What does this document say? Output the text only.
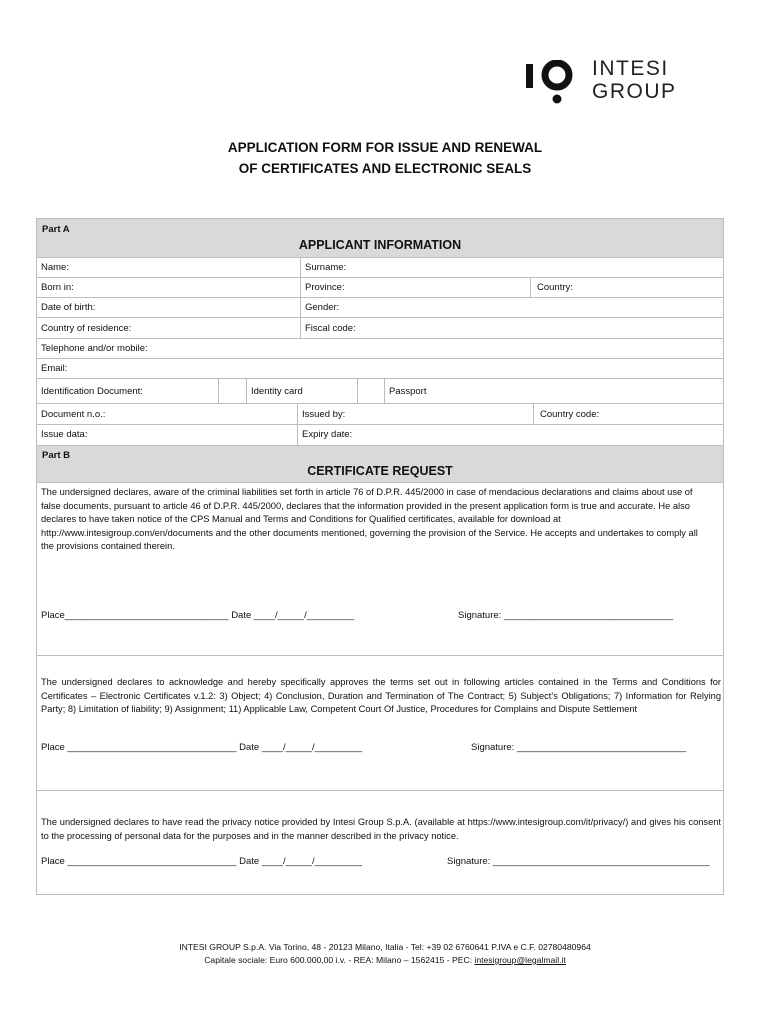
INTESI
GROUP
APPLICATION FORM FOR ISSUE AND RENEWAL
OF CERTIFICATES AND ELECTRONIC SEALS
Part A
APPLICANT INFORMATION
Name:	Surname:
Born in:	Province:	Country:
Date of birth:	Gender:
Country of residence:	Fiscal code:
Telephone and/or mobile:
Email:
Identification Document:	Identity card	Passport
Document n.o.:	Issued by:	Country code:
Issue data:	Expiry date:
Part B
CERTIFICATE REQUEST
The undersigned declares, aware of the criminal liabilities set forth in article 76 of D.P.R. 445/2000 in case of mendacious declarations and claims about use of false documents, pursuant to article 46 of D.P.R. 445/2000, declares that the information provided in the present application form is true and accurate. He also declares to have taken notice of the CPS Manual and Terms and Conditions for Qualified certificates, available for download at http://www.intesigroup.com/en/documents and the other documents mentioned, governing the provision of the Service. He accepts and undertakes to comply all the provisions contained therein.
Place_______________________________ Date ____/_____/_________	Signature: ________________________________
The undersigned declares to acknowledge and hereby specifically approves the terms set out in following articles contained in the Terms and Conditions for Certificates – Electronic Certificates v.1.2: 3) Object; 4) Conclusion, Duration and Termination of The Contract; 5) Subject’s Obligations; 7) Information for Relying Party; 8) Limitation of liability; 9) Assignment; 11) Applicable Law, Competent Court Of Justice, Procedures for Complains and Dispute Settlement
Place ________________________________ Date ____/_____/_________	Signature: ________________________________
The undersigned declares to have read the privacy notice provided by Intesi Group S.p.A. (available at https://www.intesigroup.com/it/privacy/) and gives his consent to the processing of personal data for the purposes and in the manner described in the privacy notice.
Place ________________________________ Date ____/_____/_________	Signature: _________________________________________
INTESI GROUP S.p.A. Via Torino, 48 - 20123 Milano, Italia - Tel: +39 02 6760641 P.IVA e C.F. 02780480964
Capitale sociale: Euro 600.000,00 i.v. - REA: Milano – 1562415 - PEC: intesigroup@legalmail.it
